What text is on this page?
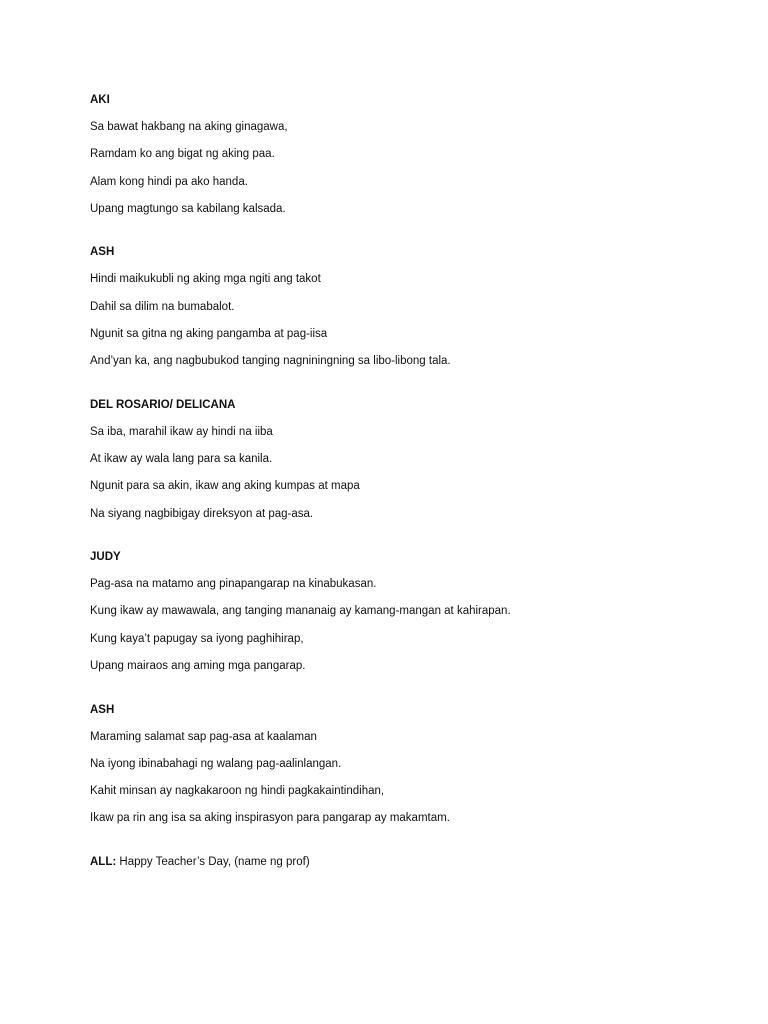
AKI
Sa bawat hakbang na aking ginagawa,
Ramdam ko ang bigat ng aking paa.
Alam kong hindi pa ako handa.
Upang magtungo sa kabilang kalsada.
ASH
Hindi maikukubli ng aking mga ngiti ang takot
Dahil sa dilim na bumabalot.
Ngunit sa gitna ng aking pangamba at pag-iisa
And’yan ka, ang nagbubukod tanging nagniningning sa libo-libong tala.
DEL ROSARIO/ DELICANA
Sa iba, marahil ikaw ay hindi na iiba
At ikaw ay wala lang para sa kanila.
Ngunit para sa akin, ikaw ang aking kumpas at mapa
Na siyang nagbibigay direksyon at pag-asa.
JUDY
Pag-asa na matamo ang pinapangarap na kinabukasan.
Kung ikaw ay mawawala, ang tanging mananaig ay kamang-mangan at kahirapan.
Kung kaya’t papugay sa iyong paghihirap,
Upang mairaos ang aming mga pangarap.
ASH
Maraming salamat sap pag-asa at kaalaman
Na iyong ibinabahagi ng walang pag-aalinlangan.
Kahit minsan ay nagkakaroon ng hindi pagkakaintindihan,
Ikaw pa rin ang isa sa aking inspirasyon para pangarap ay makamtam.
ALL: Happy Teacher’s Day, (name ng prof)
